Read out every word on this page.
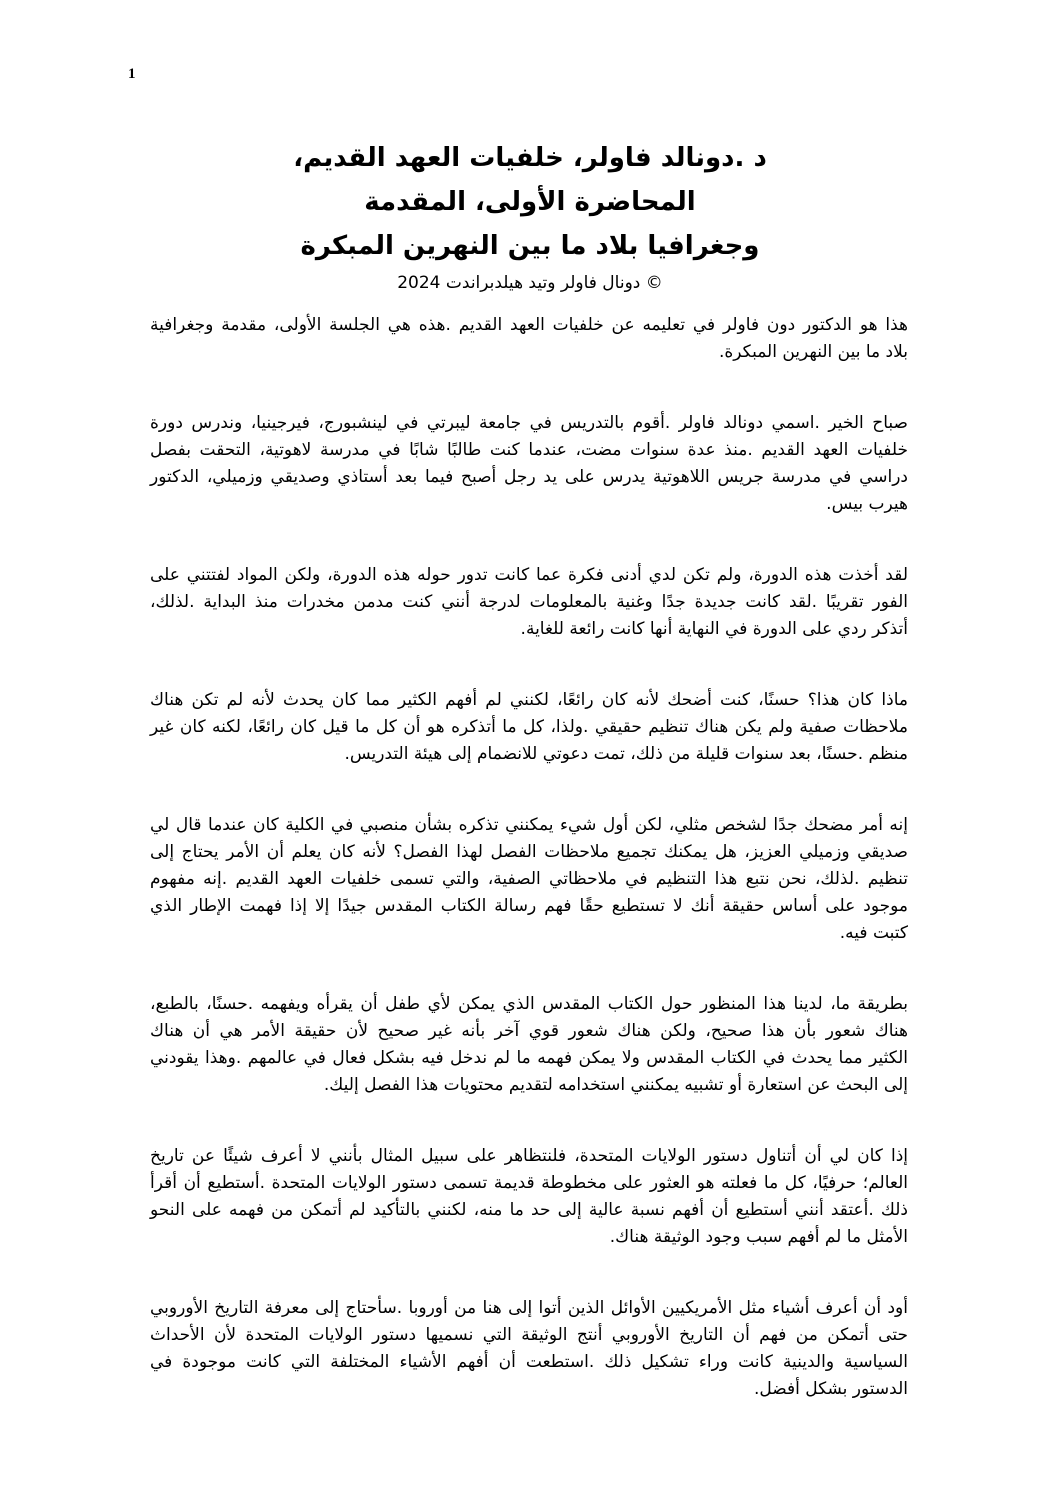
1
د .دونالد فاولر، خلفيات العهد القديم،
المحاضرة الأولى، المقدمة
وجغرافيا بلاد ما بين النهرين المبكرة
© دونال فاولر وتيد هيلدبراندت 2024
هذا هو الدكتور دون فاولر في تعليمه عن خلفيات العهد القديم .هذه هي الجلسة الأولى، مقدمة وجغرافية
بلاد ما بين النهرين المبكرة.
صباح الخير .اسمي دونالد فاولر .أقوم بالتدريس في جامعة ليبرتي في لينشبورج، فيرجينيا، وندرس دورة
خلفيات العهد القديم .منذ عدة سنوات مضت، عندما كنت طالبًا شابًا في مدرسة لاهوتية، التحقت بفصل
دراسي في مدرسة جريس اللاهوتية يدرس على يد رجل أصبح فيما بعد أستاذي وصديقي وزميلي، الدكتور
هيرب بيس.
لقد أخذت هذه الدورة، ولم تكن لدي أدنى فكرة عما كانت تدور حوله هذه الدورة، ولكن المواد لفتتني على
الفور تقريبًا .لقد كانت جديدة جدًا وغنية بالمعلومات لدرجة أنني كنت مدمن مخدرات منذ البداية .لذلك،
أتذكر ردي على الدورة في النهاية أنها كانت رائعة للغاية.
ماذا كان هذا؟ حسنًا، كنت أضحك لأنه كان رائعًا، لكنني لم أفهم الكثير مما كان يحدث لأنه لم تكن هناك
ملاحظات صفية ولم يكن هناك تنظيم حقيقي .ولذا، كل ما أتذكره هو أن كل ما قيل كان رائعًا، لكنه كان غير
منظم .حسنًا، بعد سنوات قليلة من ذلك، تمت دعوتي للانضمام إلى هيئة التدريس.
إنه أمر مضحك جدًا لشخص مثلي، لكن أول شيء يمكنني تذكره بشأن منصبي في الكلية كان عندما قال لي
صديقي وزميلي العزيز، هل يمكنك تجميع ملاحظات الفصل لهذا الفصل؟ لأنه كان يعلم أن الأمر يحتاج إلى
تنظيم .لذلك، نحن نتبع هذا التنظيم في ملاحظاتي الصفية، والتي تسمى خلفيات العهد القديم .إنه مفهوم
موجود على أساس حقيقة أنك لا تستطيع حقًا فهم رسالة الكتاب المقدس جيدًا إلا إذا فهمت الإطار الذي
كتبت فيه.
بطريقة ما، لدينا هذا المنظور حول الكتاب المقدس الذي يمكن لأي طفل أن يقرأه ويفهمه .حسنًا، بالطبع،
هناك شعور بأن هذا صحيح، ولكن هناك شعور قوي آخر بأنه غير صحيح لأن حقيقة الأمر هي أن هناك
الكثير مما يحدث في الكتاب المقدس ولا يمكن فهمه ما لم ندخل فيه بشكل فعال في عالمهم .وهذا يقودني
إلى البحث عن استعارة أو تشبيه يمكنني استخدامه لتقديم محتويات هذا الفصل إليك.
إذا كان لي أن أتناول دستور الولايات المتحدة، فلنتظاهر على سبيل المثال بأنني لا أعرف شيئًا عن تاريخ
العالم؛ حرفيًا، كل ما فعلته هو العثور على مخطوطة قديمة تسمى دستور الولايات المتحدة .أستطيع أن أقرأ
ذلك .أعتقد أنني أستطيع أن أفهم نسبة عالية إلى حد ما منه، لكنني بالتأكيد لم أتمكن من فهمه على النحو
الأمثل ما لم أفهم سبب وجود الوثيقة هناك.
أود أن أعرف أشياء مثل الأمريكيين الأوائل الذين أتوا إلى هنا من أوروبا .سأحتاج إلى معرفة التاريخ الأوروبي
حتى أتمكن من فهم أن التاريخ الأوروبي أنتج الوثيقة التي نسميها دستور الولايات المتحدة لأن الأحداث
السياسية والدينية كانت وراء تشكيل ذلك .استطعت أن أفهم الأشياء المختلفة التي كانت موجودة في
الدستور بشكل أفضل.
